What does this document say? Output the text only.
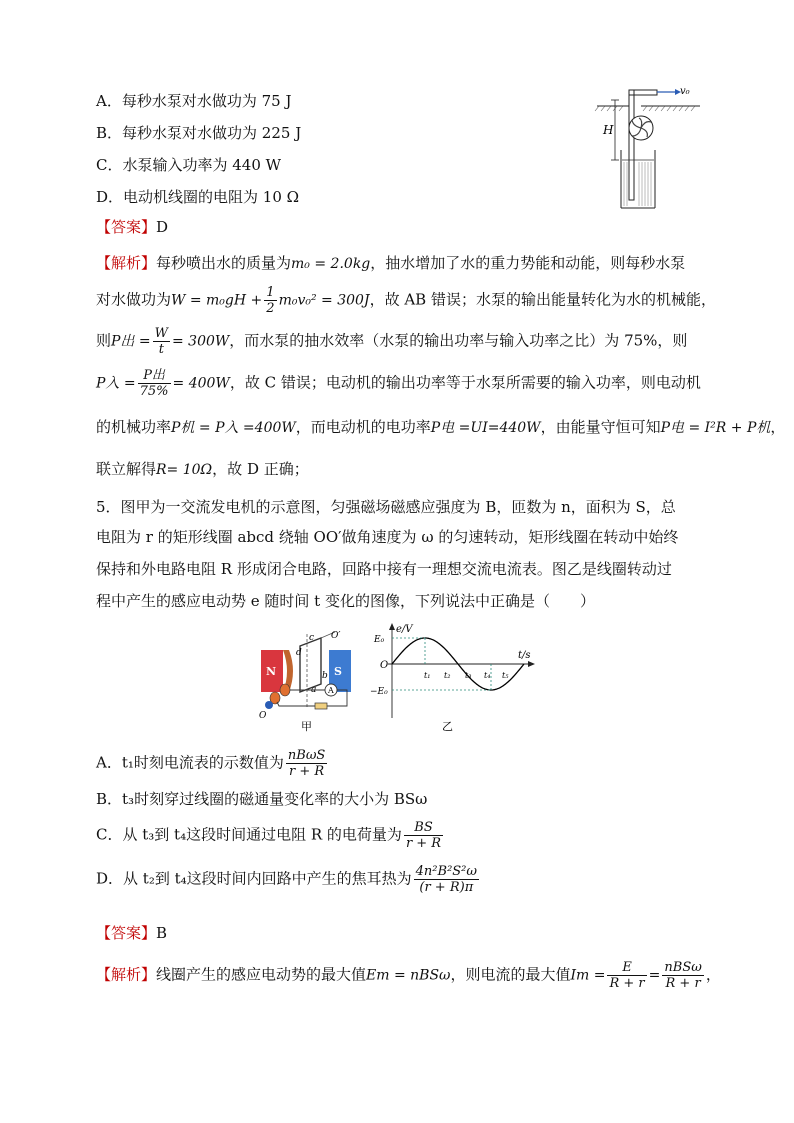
A．每秒水泵对水做功为 75 J
B．每秒水泵对水做功为 225 J
C．水泵输入功率为 440 W
D．电动机线圈的电阻为 10 Ω
v₀
H
【答案】D
【解析】每秒喷出水的质量为m₀ = 2.0kg，抽水增加了水的重力势能和动能，则每秒水泵
对水做功为$W = m_0gH + \frac{1}{2} m_0v_0^2 = 300J$，故 AB 错误；水泵的输出能量转化为水的机械能，
则P出 = $\frac{W}{t} = 300W$，而水泵的抽水效率（水泵的输出功率与输入功率之比）为 75%，则
P入 = $\frac{\text{P出}}{75\%} = 400W$，故 C 错误；电动机的输出功率等于水泵所需要的输入功率，则电动机
的机械功率P机 = P入 =400W，而电动机的电功率P电 =UI=440W，由能量守恒可知P电 = I²R + P机，
联立解得R= 10Ω，故 D 正确；
5．图甲为一交流发电机的示意图，匀强磁场磁感应强度为 B，匝数为 n，面积为 S，总
电阻为 r 的矩形线圈 abcd 绕轴 OO′做角速度为 ω 的匀速转动，矩形线圈在转动中始终
保持和外电路电阻 R 形成闭合电路，回路中接有一理想交流电流表。图乙是线圈转动过
程中产生的感应电动势 e 随时间 t 变化的图像，下列说法中正确是（　　）
N	S
c
d
b
a
O′
O
A
甲
e/V
t/s
E₀
O
−E₀
t₁ t₂ t₃ t₄ t₅
乙
A．t₁时刻电流表的示数值为 $\frac{\text{nBωS}}{r + R}$
B．t₃时刻穿过线圈的磁通量变化率的大小为 BSω
C．从 t₃到 t₄这段时间通过电阻 R 的电荷量为 $\frac{BS}{r + R}$
D．从 t₂到 t₄这段时间内回路中产生的焦耳热为 $\frac{\text{4n²B²S²ω}}{(r + R)\pi}$
【答案】B
【解析】线圈产生的感应电动势的最大值Em = nBSω，则电流的最大值$Im = \frac{E}{R + r} = \frac{\text{nBSω}}{R + r}$ ，
